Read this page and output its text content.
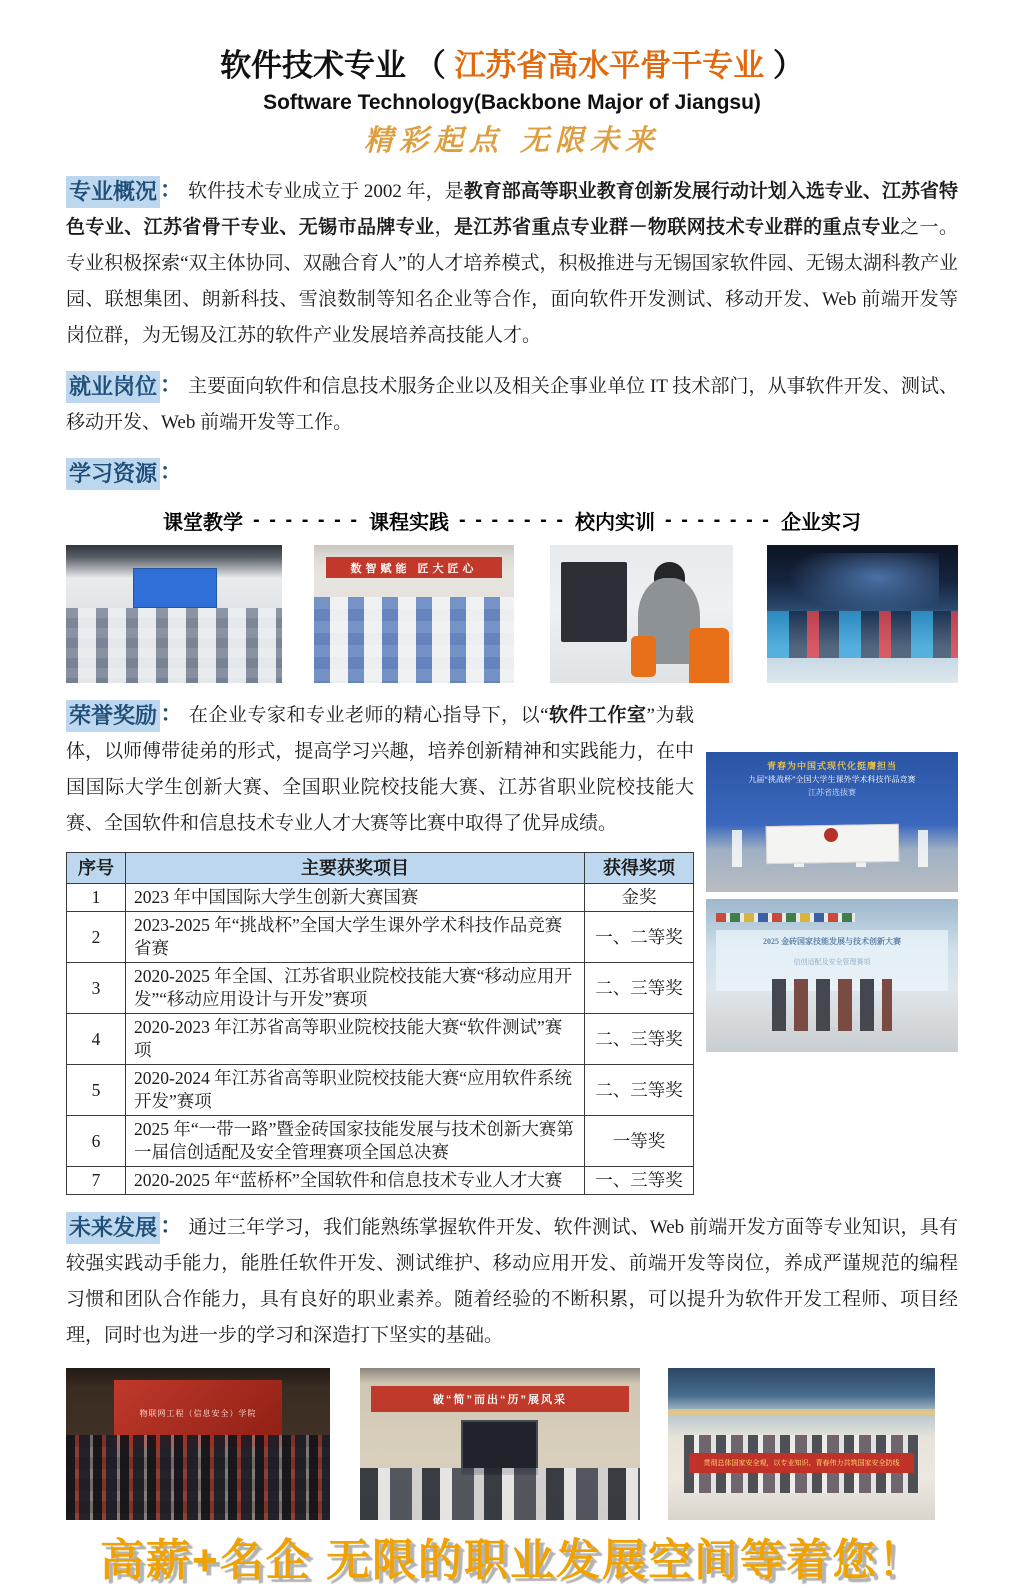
软件技术专业 （ 江苏省高水平骨干专业 ）
Software Technology(Backbone Major of Jiangsu)
精彩起点 无限未来

专业概况 ： 软件技术专业成立于 2002 年，是教育部高等职业教育创新发展行动计划入选专业、江苏省特色专业、江苏省骨干专业、无锡市品牌专业，是江苏省重点专业群－物联网技术专业群的重点专业之一。专业积极探索“双主体协同、双融合育人”的人才培养模式，积极推进与无锡国家软件园、无锡太湖科教产业园、联想集团、朗新科技、雪浪数制等知名企业等合作，面向软件开发测试、移动开发、Web 前端开发等岗位群，为无锡及江苏的软件产业发展培养高技能人才。

就业岗位 ： 主要面向软件和信息技术服务企业以及相关企事业单位 IT 技术部门，从事软件开发、测试、移动开发、Web 前端开发等工作。

学习资源 ：

课堂教学 - - - - - - - 课程实践 - - - - - - - 校内实训 - - - - - - - 企业实习
数智赋能 匠大匠心
青春为中国式现代化挺膺担当
九届“挑战杯”全国大学生课外学术科技作品竞赛
江苏省选拔赛
2025 金砖国家技能发展与技术创新大赛
信创适配及安全管理赛项

荣誉奖励 ： 在企业专家和专业老师的精心指导下，以“软件工作室”为载体，以师傅带徒弟的形式，提高学习兴趣，培养创新精神和实践能力，在中国国际大学生创新大赛、全国职业院校技能大赛、江苏省职业院校技能大赛、全国软件和信息技术专业人才大赛等比赛中取得了优异成绩。

序号	主要获奖项目	获得奖项
1	2023 年中国国际大学生创新大赛国赛	金奖
2	2023-2025 年“挑战杯”全国大学生课外学术科技作品竞赛省赛	一、二等奖
3	2020-2025 年全国、江苏省职业院校技能大赛“移动应用开发”“移动应用设计与开发”赛项	二、三等奖
4	2020-2023 年江苏省高等职业院校技能大赛“软件测试”赛项	二、三等奖
5	2020-2024 年江苏省高等职业院校技能大赛“应用软件系统开发”赛项	二、三等奖
6	2025 年“一带一路”暨金砖国家技能发展与技术创新大赛第一届信创适配及安全管理赛项全国总决赛	一等奖
7	2020-2025 年“蓝桥杯”全国软件和信息技术专业人才大赛	一、三等奖

未来发展 ： 通过三年学习，我们能熟练掌握软件开发、软件测试、Web 前端开发方面等专业知识，具有较强实践动手能力，能胜任软件开发、测试维护、移动应用开发、前端开发等岗位，养成严谨规范的编程习惯和团队合作能力，具有良好的职业素养。随着经验的不断积累，可以提升为软件开发工程师、项目经理，同时也为进一步的学习和深造打下坚实的基础。

物联网工程（信息安全）学院
破“简”而出“历”展风采
贯彻总体国家安全观，以专业知识、青春伟力共筑国家安全防线
高薪+名企 无限的职业发展空间等着您！
